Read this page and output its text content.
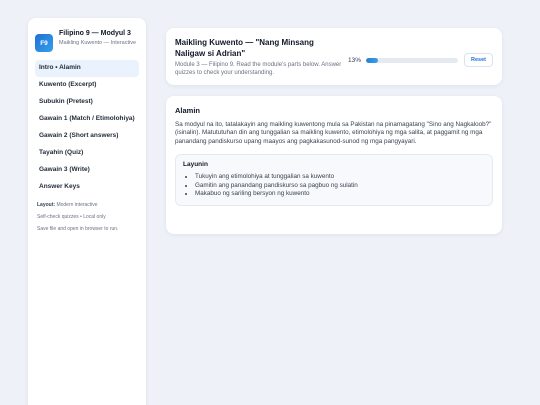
F9
Filipino 9 — Modyul 3
Maikling Kuwento — Interactive
Intro • Alamin
Kuwento (Excerpt)
Subukin (Pretest)
Gawain 1 (Match / Etimolohiya)
Gawain 2 (Short answers)
Tayahin (Quiz)
Gawain 3 (Write)
Answer Keys
Layout: Modern interactive
Self-check quizzes • Local only
Save file and open in browser to run.
Maikling Kuwento — "Nang Minsang Naligaw si Adrian"
Module 3 — Filipino 9. Read the module's parts below. Answer quizzes to check your understanding.
13%	Reset
Alamin

Sa modyul na ito, tatalakayin ang maikling kuwentong mula sa Pakistan na pinamagatang "Sino ang Nagkaloob?" (isinalin). Matututuhan din ang tunggalian sa maikling kuwento, etimolohiya ng mga salita, at paggamit ng mga panandang pandiskurso upang maayos ang pagkakasunod-sunod ng mga pangyayari.

Layunin
• Tukuyin ang etimolohiya at tunggalian sa kuwento
• Gamitin ang panandang pandiskurso sa pagbuo ng sulatin
• Makabuo ng sariling bersyon ng kuwento
